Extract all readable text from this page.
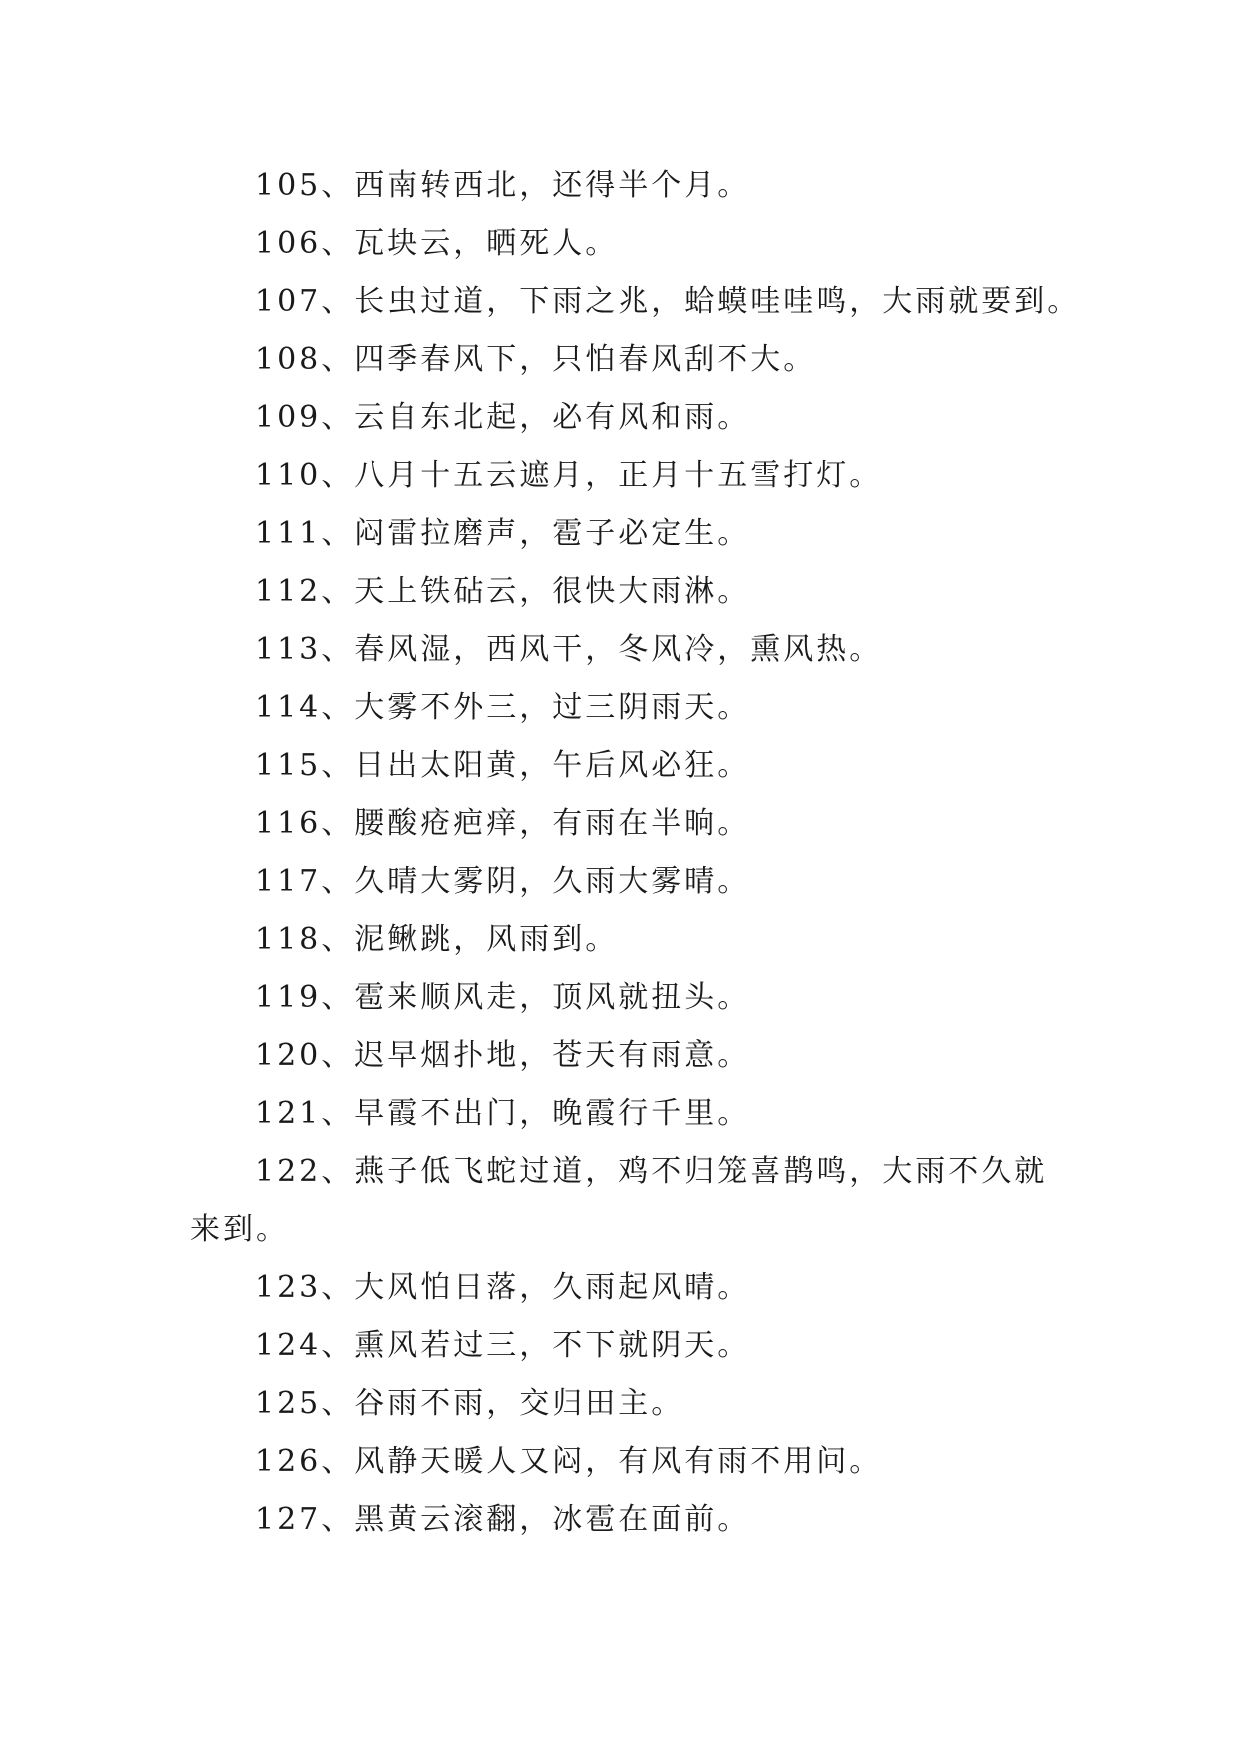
105、西南转西北，还得半个月。

106、瓦块云，晒死人。

107、长虫过道，下雨之兆，蛤蟆哇哇鸣，大雨就要到。

108、四季春风下，只怕春风刮不大。

109、云自东北起，必有风和雨。

110、八月十五云遮月，正月十五雪打灯。

111、闷雷拉磨声，雹子必定生。

112、天上铁砧云，很快大雨淋。

113、春风湿，西风干，冬风冷，熏风热。

114、大雾不外三，过三阴雨天。

115、日出太阳黄，午后风必狂。

116、腰酸疮疤痒，有雨在半晌。

117、久晴大雾阴，久雨大雾晴。

118、泥鳅跳，风雨到。

119、雹来顺风走，顶风就扭头。

120、迟早烟扑地，苍天有雨意。

121、早霞不出门，晚霞行千里。

122、燕子低飞蛇过道，鸡不归笼喜鹊鸣，大雨不久就来到。

123、大风怕日落，久雨起风晴。

124、熏风若过三，不下就阴天。

125、谷雨不雨，交归田主。

126、风静天暖人又闷，有风有雨不用问。

127、黑黄云滚翻，冰雹在面前。
